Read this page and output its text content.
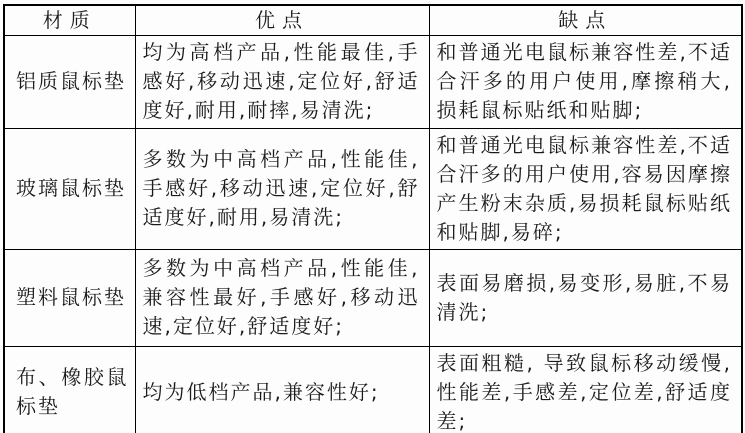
材质	优点	缺点
铝质鼠标垫	均为高档产品,性能最佳,手感好,移动迅速,定位好,舒适度好,耐用,耐摔,易清洗;	和普通光电鼠标兼容性差,不适合汗多的用户使用,摩擦稍大,损耗鼠标贴纸和贴脚;
玻璃鼠标垫	多数为中高档产品,性能佳,手感好,移动迅速,定位好,舒适度好,耐用,易清洗;	和普通光电鼠标兼容性差,不适合汗多的用户使用,容易因摩擦产生粉末杂质,易损耗鼠标贴纸和贴脚,易碎;
塑料鼠标垫	多数为中高档产品,性能佳,兼容性最好,手感好,移动迅速,定位好,舒适度好;	表面易磨损,易变形,易脏,不易清洗;
布、橡胶鼠标垫	均为低档产品,兼容性好;	表面粗糙, 导致鼠标移动缓慢,性能差,手感差,定位差,舒适度差;
